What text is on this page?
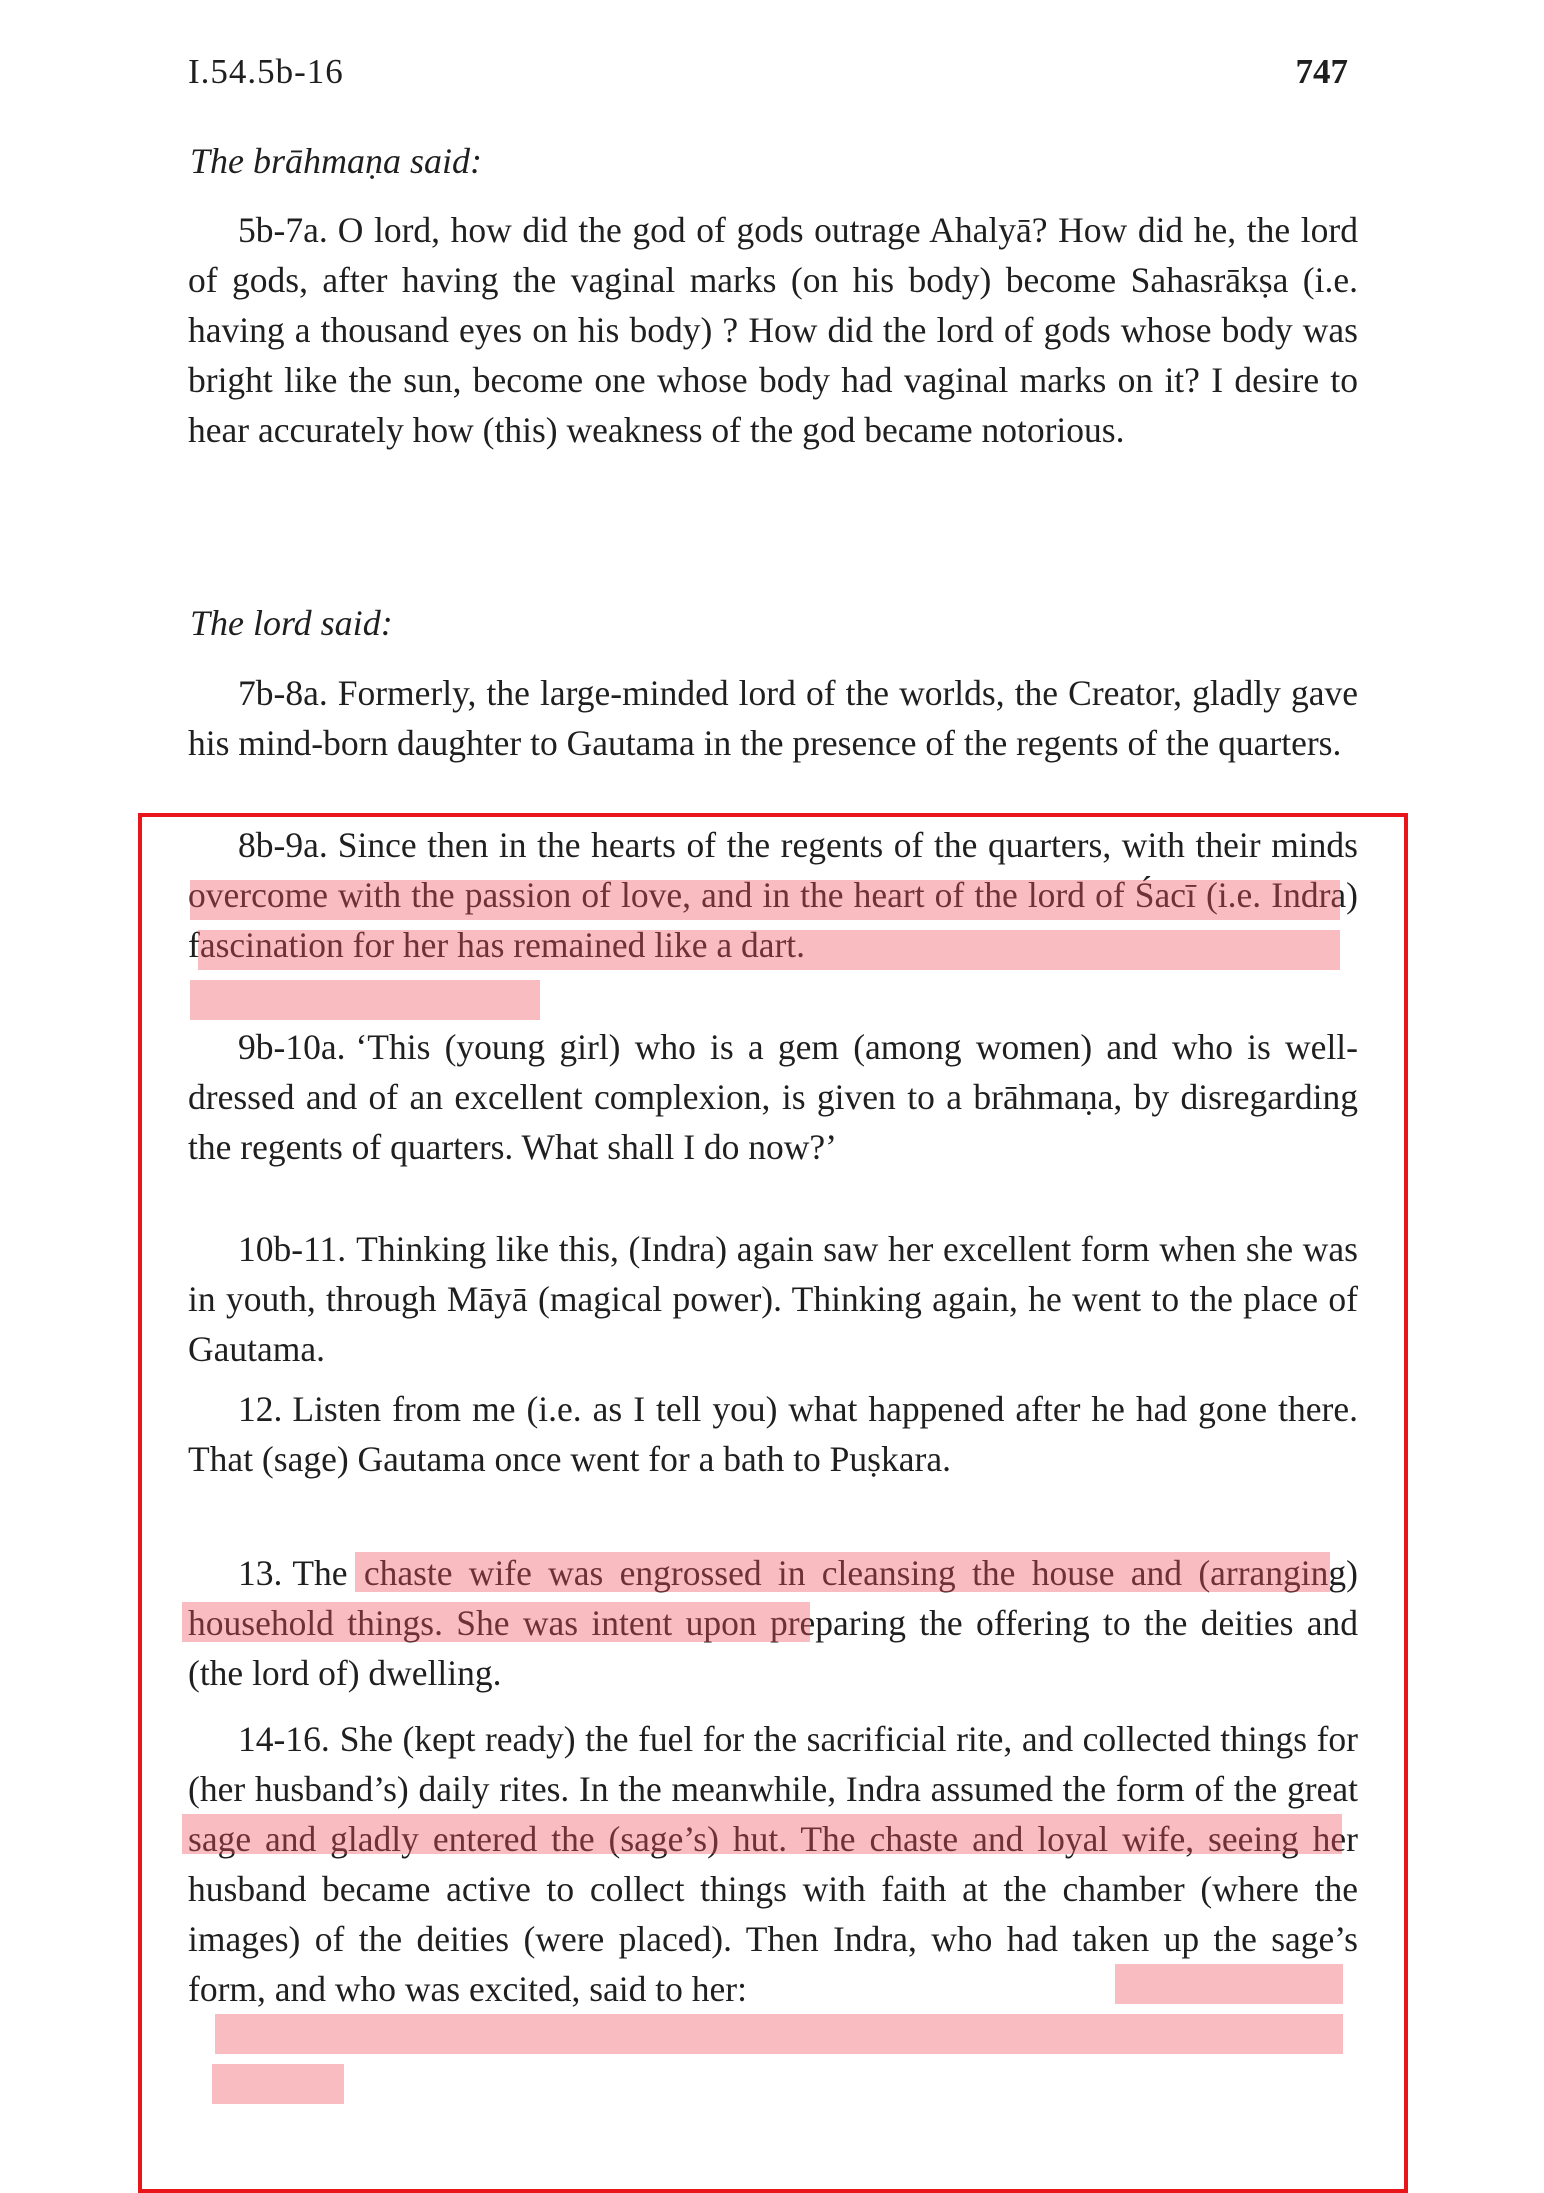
I.54.5b-16	747
The brāhmaṇa said:

5b-7a. O lord, how did the god of gods outrage Ahalyā? How did he, the lord of gods, after having the vaginal marks (on his body) become Sahasrākṣa (i.e. having a thousand eyes on his body) ? How did the lord of gods whose body was bright like the sun, become one whose body had vaginal marks on it? I desire to hear accurately how (this) weakness of the god became notorious.

The lord said:

7b-8a. Formerly, the large-minded lord of the worlds, the Creator, gladly gave his mind-born daughter to Gautama in the presence of the regents of the quarters.

8b-9a. Since then in the hearts of the regents of the quarters, with their minds overcome with the passion of love, and in the heart of the lord of Śacī (i.e. Indra) fascination for her has remained like a dart.

9b-10a. ‘This (young girl) who is a gem (among women) and who is well-dressed and of an excellent complexion, is given to a brāhmaṇa, by disregarding the regents of quarters. What shall I do now?’

10b-11. Thinking like this, (Indra) again saw her excellent form when she was in youth, through Māyā (magical power). Thinking again, he went to the place of Gautama.

12. Listen from me (i.e. as I tell you) what happened after he had gone there. That (sage) Gautama once went for a bath to Puṣkara.

13. The chaste wife was engrossed in cleansing the house and (arranging) household things. She was intent upon preparing the offering to the deities and (the lord of) dwelling.

14-16. She (kept ready) the fuel for the sacrificial rite, and collected things for (her husband’s) daily rites. In the meanwhile, Indra assumed the form of the great sage and gladly entered the (sage’s) hut. The chaste and loyal wife, seeing her husband became active to collect things with faith at the chamber (where the images) of the deities (were placed). Then Indra, who had taken up the sage’s form, and who was excited, said to her:
